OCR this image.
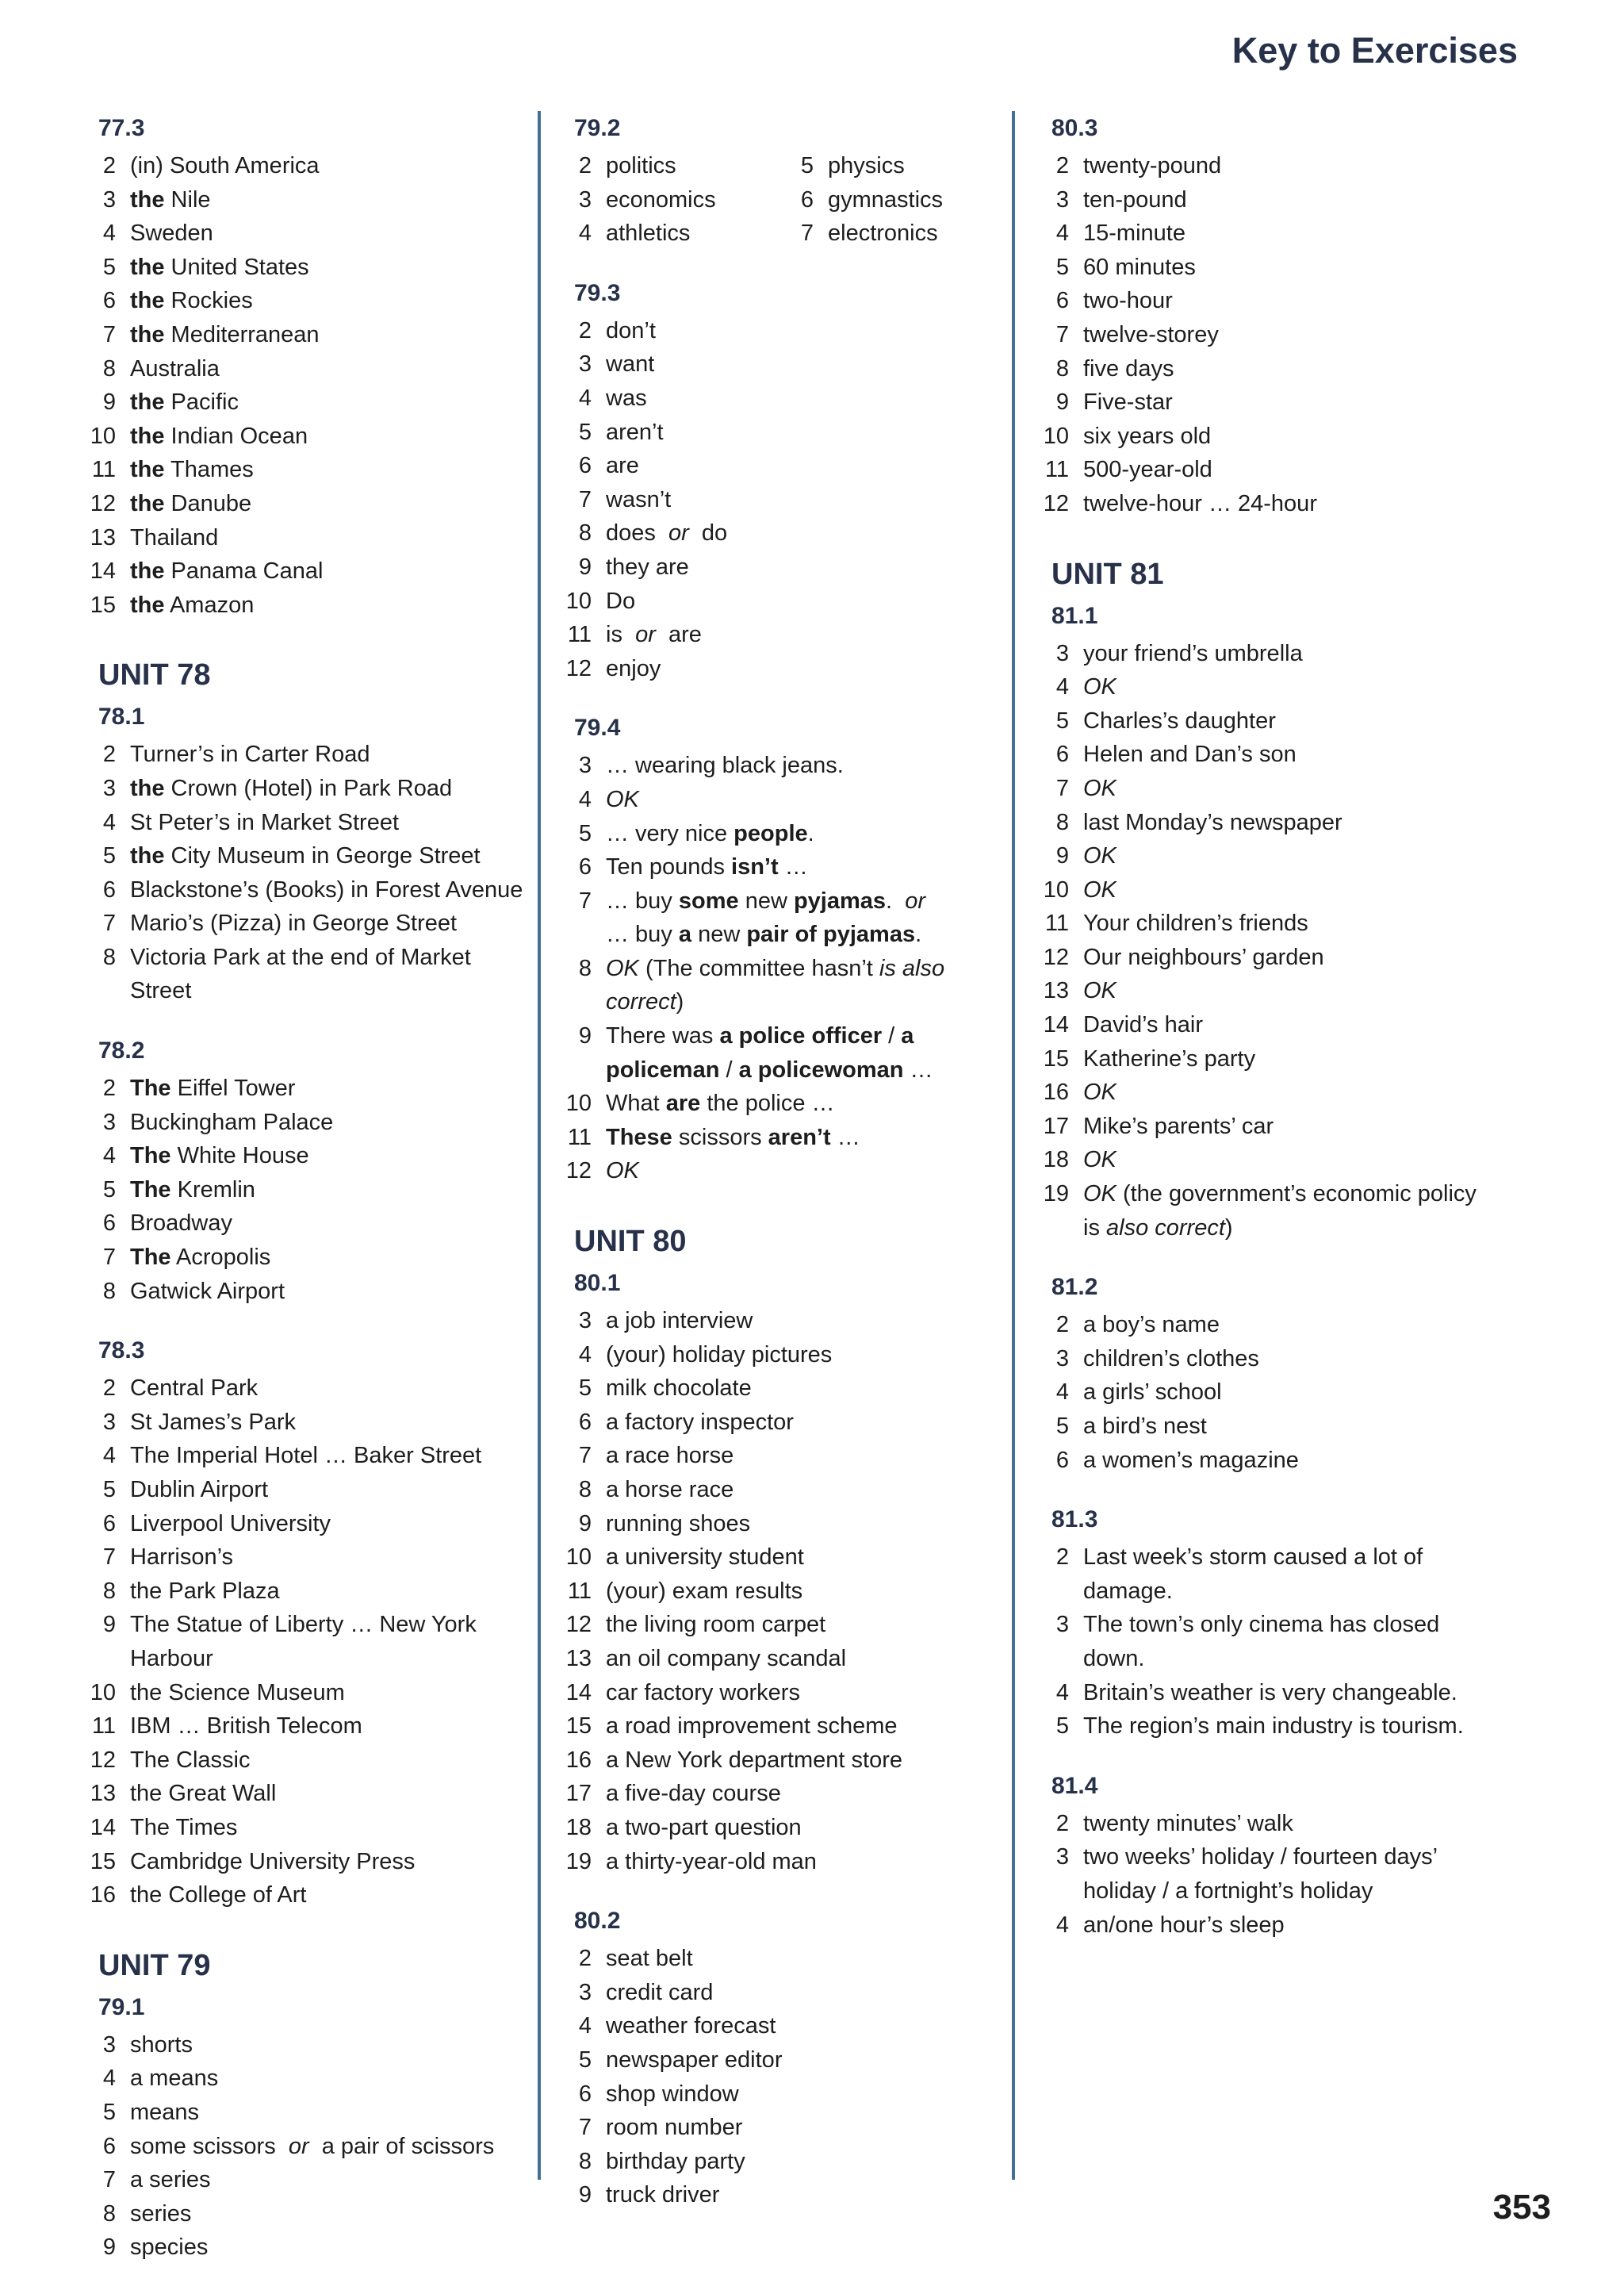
Key to Exercises
77.3
2 (in) South America
3 the Nile
4 Sweden
5 the United States
6 the Rockies
7 the Mediterranean
8 Australia
9 the Pacific
10 the Indian Ocean
11 the Thames
12 the Danube
13 Thailand
14 the Panama Canal
15 the Amazon
UNIT 78
78.1
2 Turner’s in Carter Road
3 the Crown (Hotel) in Park Road
4 St Peter’s in Market Street
5 the City Museum in George Street
6 Blackstone’s (Books) in Forest Avenue
7 Mario’s (Pizza) in George Street
8 Victoria Park at the end of Market Street
78.2
2 The Eiffel Tower
3 Buckingham Palace
4 The White House
5 The Kremlin
6 Broadway
7 The Acropolis
8 Gatwick Airport
78.3
2 Central Park
3 St James’s Park
4 The Imperial Hotel … Baker Street
5 Dublin Airport
6 Liverpool University
7 Harrison’s
8 the Park Plaza
9 The Statue of Liberty … New York Harbour
10 the Science Museum
11 IBM … British Telecom
12 The Classic
13 the Great Wall
14 The Times
15 Cambridge University Press
16 the College of Art
UNIT 79
79.1
3 shorts
4 a means
5 means
6 some scissors  or  a pair of scissors
7 a series
8 series
9 species
79.2
2 politics
3 economics
4 athletics
5 physics
6 gymnastics
7 electronics
79.3
2 don’t
3 want
4 was
5 aren’t
6 are
7 wasn’t
8 does  or  do
9 they are
10 Do
11 is  or  are
12 enjoy
79.4
3 … wearing black jeans.
4 OK
5 … very nice people.
6 Ten pounds isn’t …
7 … buy some new pyjamas.  or
… buy a new pair of pyjamas.
8 OK (The committee hasn’t is also correct)
9 There was a police officer / a policeman / a policewoman …
10 What are the police …
11 These scissors aren’t …
12 OK
UNIT 80
80.1
3 a job interview
4 (your) holiday pictures
5 milk chocolate
6 a factory inspector
7 a race horse
8 a horse race
9 running shoes
10 a university student
11 (your) exam results
12 the living room carpet
13 an oil company scandal
14 car factory workers
15 a road improvement scheme
16 a New York department store
17 a five-day course
18 a two-part question
19 a thirty-year-old man
80.2
2 seat belt
3 credit card
4 weather forecast
5 newspaper editor
6 shop window
7 room number
8 birthday party
9 truck driver
80.3
2 twenty-pound
3 ten-pound
4 15-minute
5 60 minutes
6 two-hour
7 twelve-storey
8 five days
9 Five-star
10 six years old
11 500-year-old
12 twelve-hour … 24-hour
UNIT 81
81.1
3 your friend’s umbrella
4 OK
5 Charles’s daughter
6 Helen and Dan’s son
7 OK
8 last Monday’s newspaper
9 OK
10 OK
11 Your children’s friends
12 Our neighbours’ garden
13 OK
14 David’s hair
15 Katherine’s party
16 OK
17 Mike’s parents’ car
18 OK
19 OK (the government’s economic policy is also correct)
81.2
2 a boy’s name
3 children’s clothes
4 a girls’ school
5 a bird’s nest
6 a women’s magazine
81.3
2 Last week’s storm caused a lot of damage.
3 The town’s only cinema has closed down.
4 Britain’s weather is very changeable.
5 The region’s main industry is tourism.
81.4
2 twenty minutes’ walk
3 two weeks’ holiday / fourteen days’ holiday / a fortnight’s holiday
4 an/one hour’s sleep
353
